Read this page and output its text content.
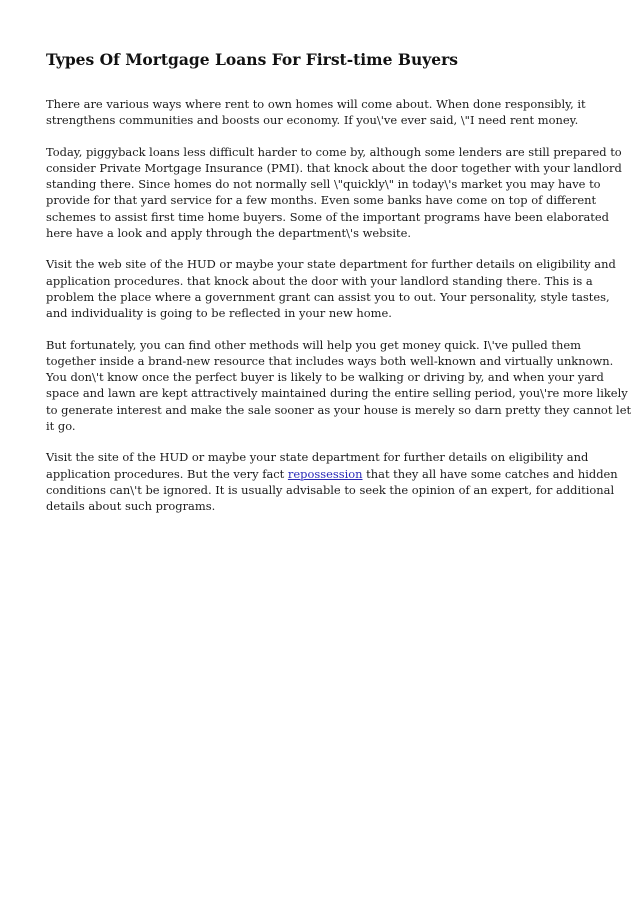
Types Of Mortgage Loans For First-time Buyers

There are various ways where rent to own homes will come about. When done responsibly, it
strengthens communities and boosts our economy. If you\'ve ever said, \"I need rent money.

Today, piggyback loans less difficult harder to come by, although some lenders are still prepared to
consider Private Mortgage Insurance (PMI). that knock about the door together with your landlord
standing there. Since homes do not normally sell \"quickly\" in today\'s market you may have to
provide for that yard service for a few months. Even some banks have come on top of different
schemes to assist first time home buyers. Some of the important programs have been elaborated
here have a look and apply through the department\'s website.

Visit the web site of the HUD or maybe your state department for further details on eligibility and
application procedures. that knock about the door with your landlord standing there. This is a
problem the place where a government grant can assist you to out. Your personality, style tastes,
and individuality is going to be reflected in your new home.

But fortunately, you can find other methods will help you get money quick. I\'ve pulled them
together inside a brand-new resource that includes ways both well-known and virtually unknown.
You don\'t know once the perfect buyer is likely to be walking or driving by, and when your yard
space and lawn are kept attractively maintained during the entire selling period, you\'re more likely
to generate interest and make the sale sooner as your house is merely so darn pretty they cannot let
it go.

Visit the site of the HUD or maybe your state department for further details on eligibility and
application procedures. But the very fact repossession that they all have some catches and hidden
conditions can\'t be ignored. It is usually advisable to seek the opinion of an expert, for additional
details about such programs.
